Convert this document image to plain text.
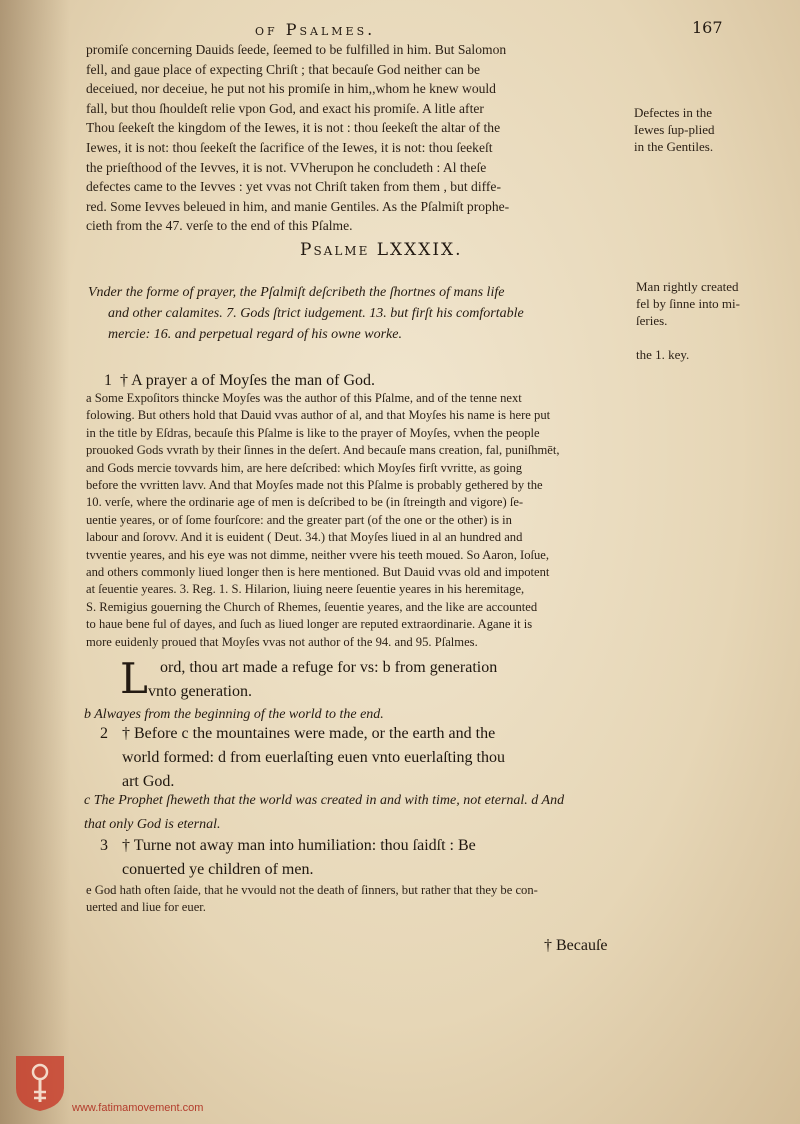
of Psalmes.	167
promiſe concerning Dauids ſeede, ſeemed to be fulfilled in him. But Salomon
fell, and gaue place of expecting Chriſt ; that becauſe God neither can be
deceiued, nor deceiue, he put not his promiſe in him,,whom he knew would
fall, but thou ſhouldeſt relie vpon God, and exact his promiſe. A litle after
Thou ſeekeſt the kingdom of the Iewes, it is not : thou ſeekeſt the altar of the
Iewes, it is not: thou ſeekeſt the ſacrifice of the Iewes, it is not: thou ſeekeſt
the prieſthood of the Ievves, it is not. VVherupon he concludeth : Al theſe
defectes came to the Ievves : yet vvas not Chriſt taken from them , but diffe-
red. Some Ievves beleued in him, and manie Gentiles. As the Pſalmiſt prophe-
cieth from the 47. verſe to the end of this Pſalme.
Defectes in the Iewes ſup-plied in the Gentiles.
Psalme LXXXIX.
Vnder the forme of prayer, the Pſalmiſt deſcribeth the ſhortnes of mans life
and other calamites. 7. Gods ſtrict iudgement. 13. but firſt his comfortable
mercie: 16. and perpetual regard of his owne worke.
Man rightly created fel by ſinne into mi-ſeries.
the 1. key.
1 † A prayer a of Moyſes the man of God.
a Some Expoſitors thincke Moyſes was the author of this Pſalme, and of the tenne next
folowing. But others hold that Dauid vvas author of al, and that Moyſes his name is here put
in the title by Eſdras, becauſe this Pſalme is like to the prayer of Moyſes, vvhen the people
prouoked Gods vvrath by their ſinnes in the deſert. And becauſe mans creation, fal, puniſhmēt,
and Gods mercie tovvards him, are here deſcribed: which Moyſes firſt vvritte, as going
before the vvritten lavv. And that Moyſes made not this Pſalme is probably gethered by the
10. verſe, where the ordinarie age of men is deſcribed to be (in ſtreingth and vigore) ſe-
uentie yeares, or of ſome fourſcore: and the greater part (of the one or the other) is in
labour and ſorovv. And it is euident ( Deut. 34.) that Moyſes liued in al an hundred and
tvventie yeares, and his eye was not dimme, neither vvere his teeth moued. So Aaron, Ioſue,
and others commonly liued longer then is here mentioned. But Dauid vvas old and impotent
at ſeuentie yeares. 3. Reg. 1. S. Hilarion, liuing neere ſeuentie yeares in his heremitage,
S. Remigius gouerning the Church of Rhemes, ſeuentie yeares, and the like are accounted
to haue bene ful of dayes, and ſuch as liued longer are reputed extraordinarie. Agane it is
more euidenly proued that Moyſes vvas not author of the 94. and 95. Pſalmes.
L ord, thou art made a refuge for vs: b from generation
vnto generation.
b Alwayes from the beginning of the world to the end.
2 † Before c the mountaines were made, or the earth and the
world formed: d from euerlaſting euen vnto euerlaſting thou
art God.
c The Prophet ſheweth that the world was created in and with time, not eternal. d And
that only God is eternal.
3 † Turne not away man into humiliation: thou ſaidſt : Be
conuerted ye children of men.
e God hath often ſaide, that he vvould not the death of ſinners, but rather that they be con-
uerted and liue for euer.
† Becauſe
www.fatimamovement.com
